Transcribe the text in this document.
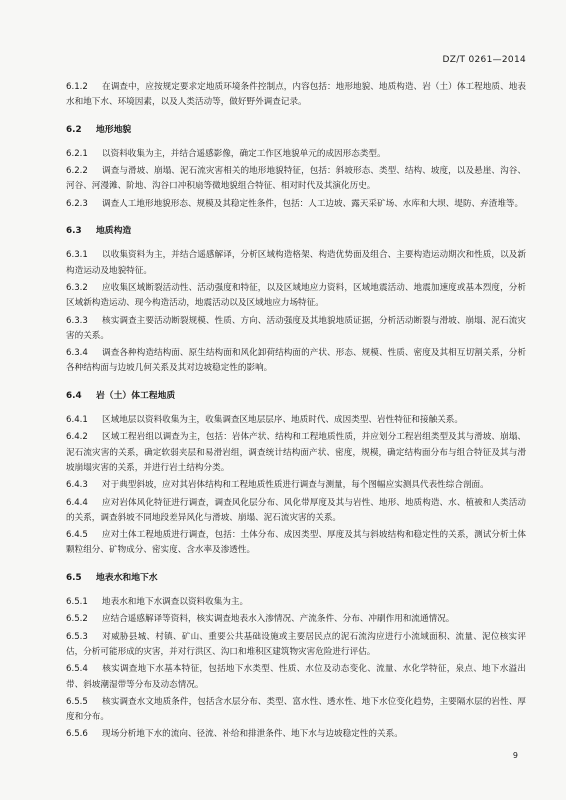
DZ/T 0261—2014
6.1.2 在调查中，应按规定要求定地质环境条件控制点，内容包括：地形地貌、地质构造、岩（土）体工程地质、地表水和地下水、环境因素，以及人类活动等，做好野外调查记录。
6.2 地形地貌
6.2.1 以资料收集为主，并结合遥感影像，确定工作区地貌单元的成因形态类型。
6.2.2 调查与滑坡、崩塌、泥石流灾害相关的地形地貌特征，包括：斜坡形态、类型、结构、坡度，以及悬崖、沟谷、河谷、河漫滩、阶地、沟谷口冲积扇等微地貌组合特征、相对时代及其演化历史。
6.2.3 调查人工地形地貌形态、规模及其稳定性条件，包括：人工边坡、露天采矿场、水库和大坝、堤防、弃渣堆等。
6.3 地质构造
6.3.1 以收集资料为主，并结合遥感解译，分析区域构造格架、构造优势面及组合、主要构造运动期次和性质，以及新构造运动及地貌特征。
6.3.2 应收集区域断裂活动性、活动强度和特征，以及区域地应力资料，区域地震活动、地震加速度或基本烈度，分析区域新构造运动、现今构造活动，地震活动以及区域地应力场特征。
6.3.3 核实调查主要活动断裂规模、性质、方向、活动强度及其地貌地质证据，分析活动断裂与滑坡、崩塌、泥石流灾害的关系。
6.3.4 调查各种构造结构面、原生结构面和风化卸荷结构面的产状、形态、规模、性质、密度及其相互切割关系，分析各种结构面与边坡几何关系及其对边坡稳定性的影响。
6.4 岩（土）体工程地质
6.4.1 区域地层以资料收集为主，收集调查区地层层序、地质时代、成因类型、岩性特征和接触关系。
6.4.2 区域工程岩组以调查为主，包括：岩体产状、结构和工程地质性质，并应划分工程岩组类型及其与滑坡、崩塌、泥石流灾害的关系，确定软弱夹层和易滑岩组，调查统计结构面产状、密度，规模，确定结构面分布与组合特征及其与滑坡崩塌灾害的关系，并进行岩土结构分类。
6.4.3 对于典型斜坡，应对其岩体结构和工程地质性质进行调查与测量，每个图幅应实测具代表性综合剖面。
6.4.4 应对岩体风化特征进行调查，调查风化层分布、风化带厚度及其与岩性、地形、地质构造、水、植被和人类活动的关系，调查斜坡不同地段差异风化与滑坡、崩塌、泥石流灾害的关系。
6.4.5 应对土体工程地质进行调查，包括：土体分布、成因类型、厚度及其与斜坡结构和稳定性的关系，测试分析土体颗粒组分、矿物成分、密实度、含水率及渗透性。
6.5 地表水和地下水
6.5.1 地表水和地下水调查以资料收集为主。
6.5.2 应结合遥感解译等资料，核实调查地表水入渗情况、产流条件、分布、冲刷作用和流通情况。
6.5.3 对威胁县城、村镇、矿山、重要公共基础设施或主要居民点的泥石流沟应进行小流域面积、流量、泥位核实评估，分析可能形成的灾害，并对行洪区、沟口和堆积区建筑物灾害危险进行评估。
6.5.4 核实调查地下水基本特征，包括地下水类型、性质、水位及动态变化、流量、水化学特征，泉点、地下水溢出带、斜坡潮湿带等分布及动态情况。
6.5.5 核实调查水文地质条件，包括含水层分布、类型、富水性、透水性、地下水位变化趋势，主要隔水层的岩性、厚度和分布。
6.5.6 现场分析地下水的流向、径流、补给和排泄条件、地下水与边坡稳定性的关系。
9
